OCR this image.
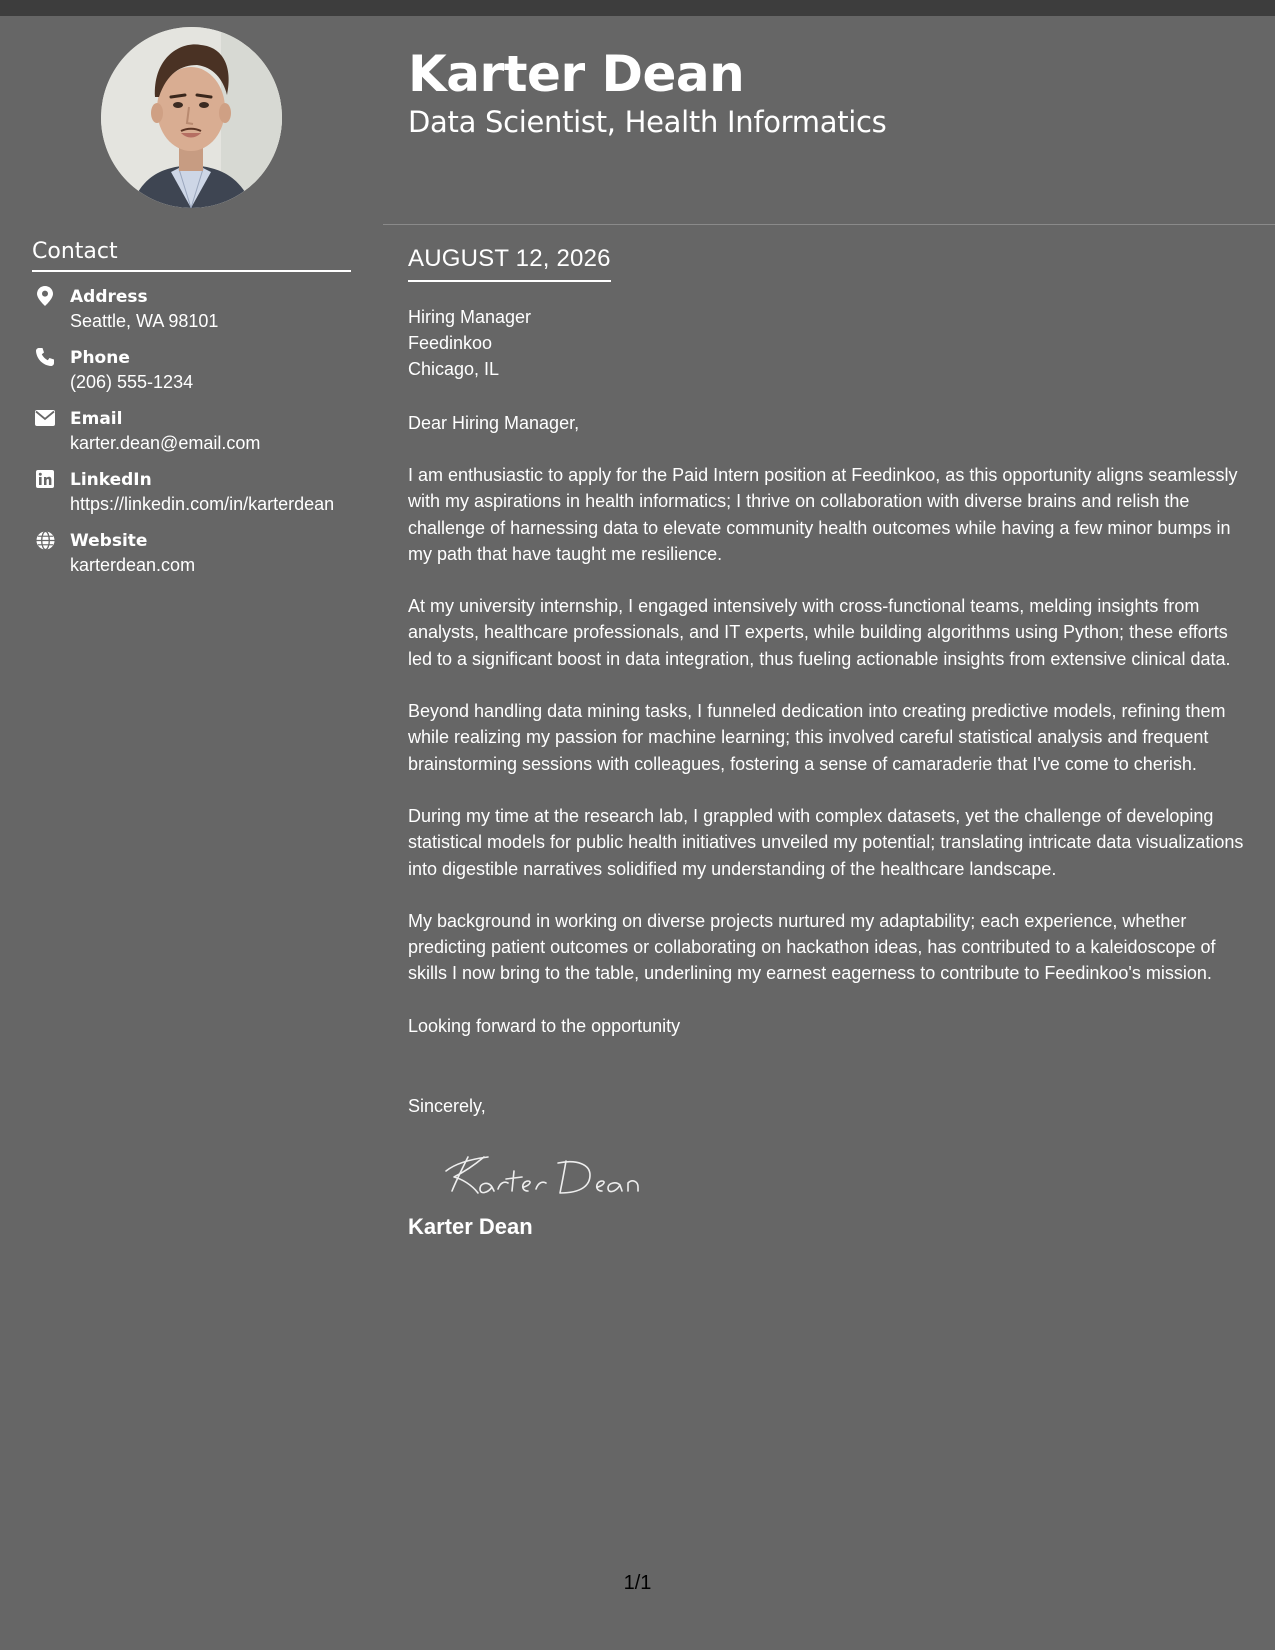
Karter Dean
Data Scientist, Health Informatics
Contact
Address
Seattle, WA 98101
Phone
(206) 555-1234
Email
karter.dean@email.com
LinkedIn
https://linkedin.com/in/karterdean
Website
karterdean.com
AUGUST 12, 2026
Hiring Manager
Feedinkoo
Chicago, IL
Dear Hiring Manager,
I am enthusiastic to apply for the Paid Intern position at Feedinkoo, as this opportunity aligns seamlessly with my aspirations in health informatics; I thrive on collaboration with diverse brains and relish the challenge of harnessing data to elevate community health outcomes while having a few minor bumps in my path that have taught me resilience.
At my university internship, I engaged intensively with cross-functional teams, melding insights from analysts, healthcare professionals, and IT experts, while building algorithms using Python; these efforts led to a significant boost in data integration, thus fueling actionable insights from extensive clinical data.
Beyond handling data mining tasks, I funneled dedication into creating predictive models, refining them while realizing my passion for machine learning; this involved careful statistical analysis and frequent brainstorming sessions with colleagues, fostering a sense of camaraderie that I've come to cherish.
During my time at the research lab, I grappled with complex datasets, yet the challenge of developing statistical models for public health initiatives unveiled my potential; translating intricate data visualizations into digestible narratives solidified my understanding of the healthcare landscape.
My background in working on diverse projects nurtured my adaptability; each experience, whether predicting patient outcomes or collaborating on hackathon ideas, has contributed to a kaleidoscope of skills I now bring to the table, underlining my earnest eagerness to contribute to Feedinkoo's mission.
Looking forward to the opportunity
Sincerely,
Karter Dean
1/1
